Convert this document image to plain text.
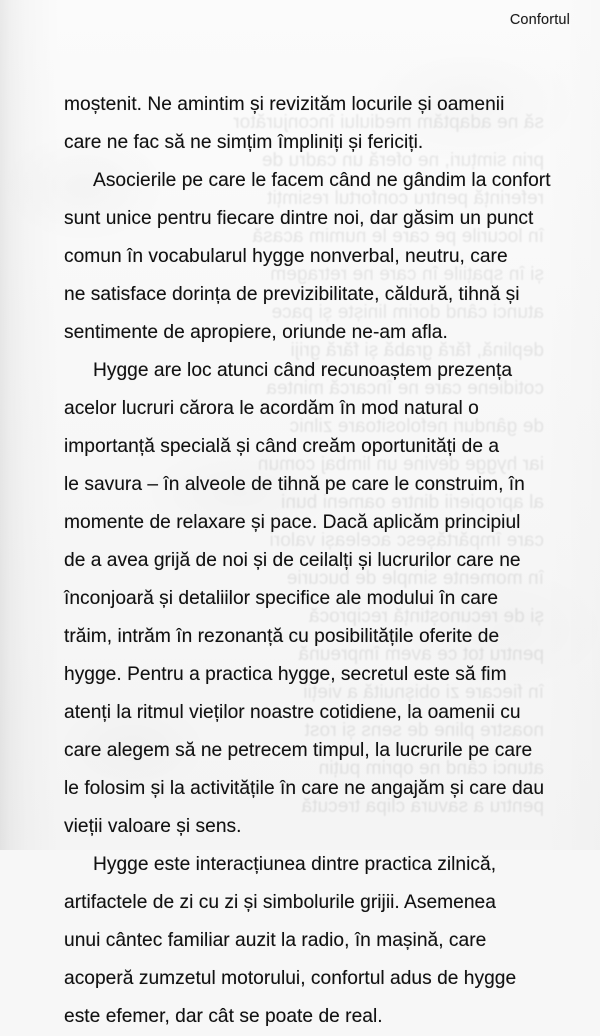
să ne adaptăm mediului înconjurător
prin simțuri, ne oferă un cadru de
referință pentru confortul resimțit
în locurile pe care le numim acasă
și în spațiile în care ne retragem
atunci când dorim liniște și pace
deplină, fără grabă și fără griji
cotidiene care ne încarcă mintea
de gânduri nefolositoare zilnic
iar hygge devine un limbaj comun
al apropierii dintre oameni buni
care împărtășesc aceleași valori
în momente simple de bucurie
și de recunoștință reciprocă
pentru tot ce avem împreună
în fiecare zi obișnuită a vieții
noastre pline de sens și rost
atunci când ne oprim puțin
pentru a savura clipa trecută
Confortul
moștenit. Ne amintim și revizităm locurile și oamenii
care ne fac să ne simțim împliniți și fericiți.
Asocierile pe care le facem când ne gândim la confort
sunt unice pentru fiecare dintre noi, dar găsim un punct
comun în vocabularul hygge nonverbal, neutru, care
ne satisface dorința de previzibilitate, căldură, tihnă și
sentimente de apropiere, oriunde ne-am afla.
Hygge are loc atunci când recunoaștem prezența
acelor lucruri cărora le acordăm în mod natural o
importanță specială și când creăm oportunități de a
le savura – în alveole de tihnă pe care le construim, în
momente de relaxare și pace. Dacă aplicăm principiul
de a avea grijă de noi și de ceilalți și lucrurilor care ne
înconjoară și detaliilor specifice ale modului în care
trăim, intrăm în rezonanță cu posibilitățile oferite de
hygge. Pentru a practica hygge, secretul este să fim
atenți la ritmul vieților noastre cotidiene, la oamenii cu
care alegem să ne petrecem timpul, la lucrurile pe care
le folosim și la activitățile în care ne angajăm și care dau
vieții valoare și sens.
Hygge este interacțiunea dintre practica zilnică,
artifactele de zi cu zi și simbolurile grijii. Asemenea
unui cântec familiar auzit la radio, în mașină, care
acoperă zumzetul motorului, confortul adus de hygge
este efemer, dar cât se poate de real.
